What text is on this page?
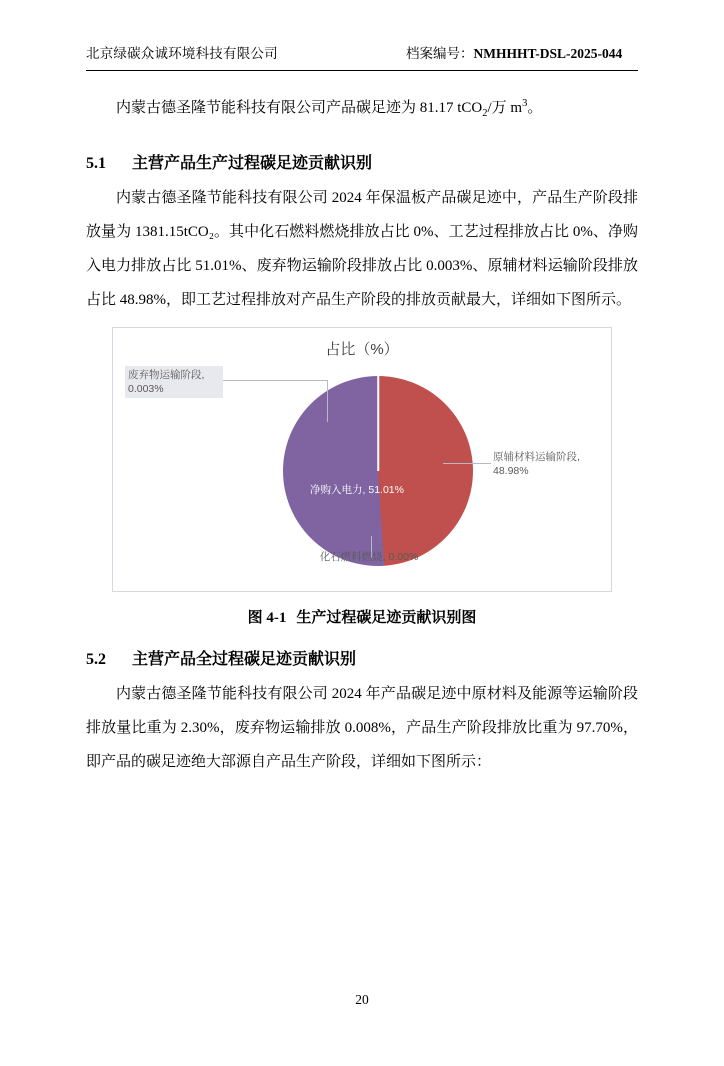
北京绿碳众诚环境科技有限公司	档案编号：NMHHHT-DSL-2025-044

内蒙古德圣隆节能科技有限公司产品碳足迹为 81.17 tCO$_2$/万 $m^3$。

5.1 主营产品生产过程碳足迹贡献识别

内蒙古德圣隆节能科技有限公司 2024 年保温板产品碳足迹中，产品生产阶段排放量为 1381.15tCO₂。其中化石燃料燃烧排放占比 0%、工艺过程排放占比 0%、净购入电力排放占比 51.01%、废弃物运输阶段排放占比 0.003%、原辅材料运输阶段排放占比 48.98%，即工艺过程排放对产品生产阶段的排放贡献最大，详细如下图所示。

占比（%）
废弃物运输阶段, 0.003%
原辅材料运输阶段, 48.98%
净购入电力, 51.01%
化石燃料燃烧, 0.00%
图 4-1 生产过程碳足迹贡献识别图
5.2 主营产品全过程碳足迹贡献识别

内蒙古德圣隆节能科技有限公司 2024 年产品碳足迹中原材料及能源等运输阶段排放量比重为 2.30%，废弃物运输排放 0.008%，产品生产阶段排放比重为 97.70%，即产品的碳足迹绝大部源自产品生产阶段，详细如下图所示：

20
